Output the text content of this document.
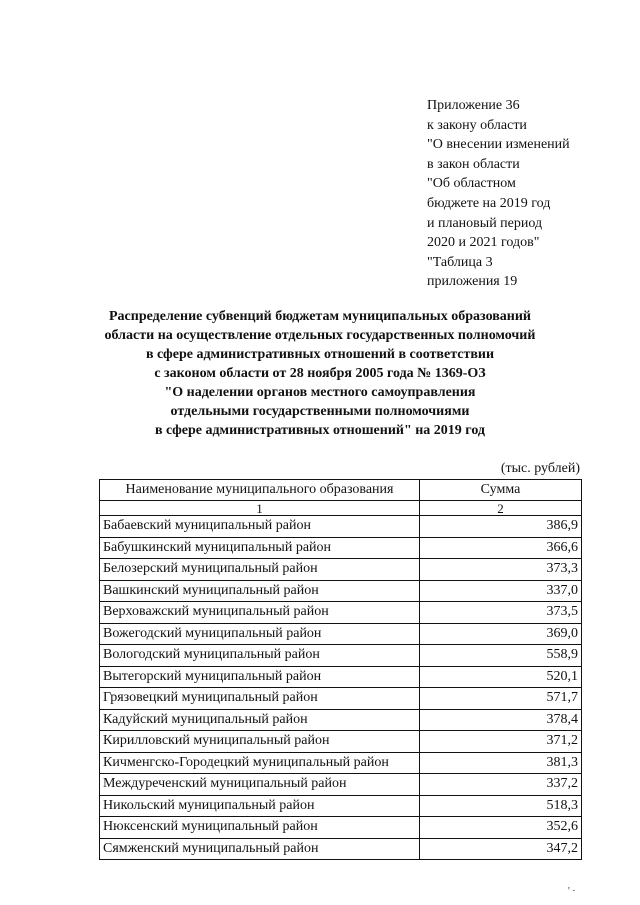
Приложение 36
к закону области
"О внесении изменений
в закон области
"Об областном
бюджете на 2019 год
и плановый период
2020 и 2021 годов"
"Таблица 3
приложения 19
Распределение субвенций бюджетам муниципальных образований
области на осуществление отдельных государственных полномочий
в сфере административных отношений в соответствии
с законом области от 28 ноября 2005 года № 1369-ОЗ
"О наделении органов местного самоуправления
отдельными государственными полномочиями
в сфере административных отношений" на 2019 год
(тыс. рублей)
Наименование муниципального образования	Сумма
1	2
Бабаевский муниципальный район	386,9
Бабушкинский муниципальный район	366,6
Белозерский муниципальный район	373,3
Вашкинский муниципальный район	337,0
Верховажский муниципальный район	373,5
Вожегодский муниципальный район	369,0
Вологодский муниципальный район	558,9
Вытегорский муниципальный район	520,1
Грязовецкий муниципальный район	571,7
Кадуйский муниципальный район	378,4
Кирилловский муниципальный район	371,2
Кичменгско-Городецкий муниципальный район	381,3
Междуреченский муниципальный район	337,2
Никольский муниципальный район	518,3
Нюксенский муниципальный район	352,6
Сямженский муниципальный район	347,2
' ·
